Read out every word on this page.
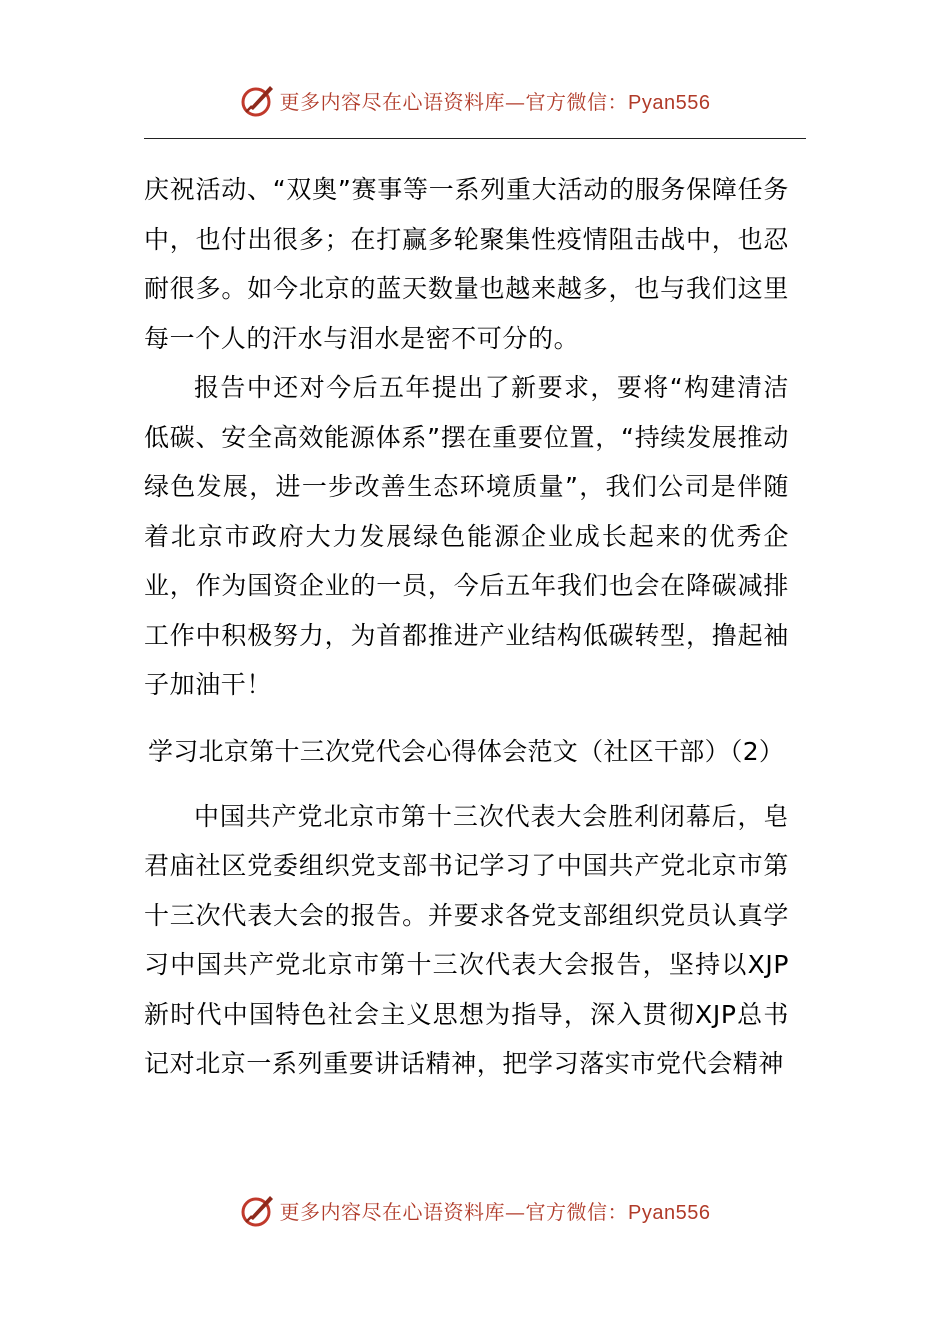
更多内容尽在心语资料库—官方微信：Pyan556

庆祝活动、“双奥”赛事等一系列重大活动的服务保障任务中，也付出很多；在打赢多轮聚集性疫情阻击战中，也忍耐很多。如今北京的蓝天数量也越来越多，也与我们这里每一个人的汗水与泪水是密不可分的。

报告中还对今后五年提出了新要求，要将“构建清洁低碳、安全高效能源体系”摆在重要位置，“持续发展推动绿色发展，进一步改善生态环境质量”，我们公司是伴随着北京市政府大力发展绿色能源企业成长起来的优秀企业，作为国资企业的一员，今后五年我们也会在降碳减排工作中积极努力，为首都推进产业结构低碳转型，撸起袖子加油干！

学习北京第十三次党代会心得体会范文（社区干部）（2）

中国共产党北京市第十三次代表大会胜利闭幕后，皂君庙社区党委组织党支部书记学习了中国共产党北京市第十三次代表大会的报告。并要求各党支部组织党员认真学习中国共产党北京市第十三次代表大会报告，坚持以XJP新时代中国特色社会主义思想为指导，深入贯彻XJP总书记对北京一系列重要讲话精神，把学习落实市党代会精神

更多内容尽在心语资料库—官方微信：Pyan556
